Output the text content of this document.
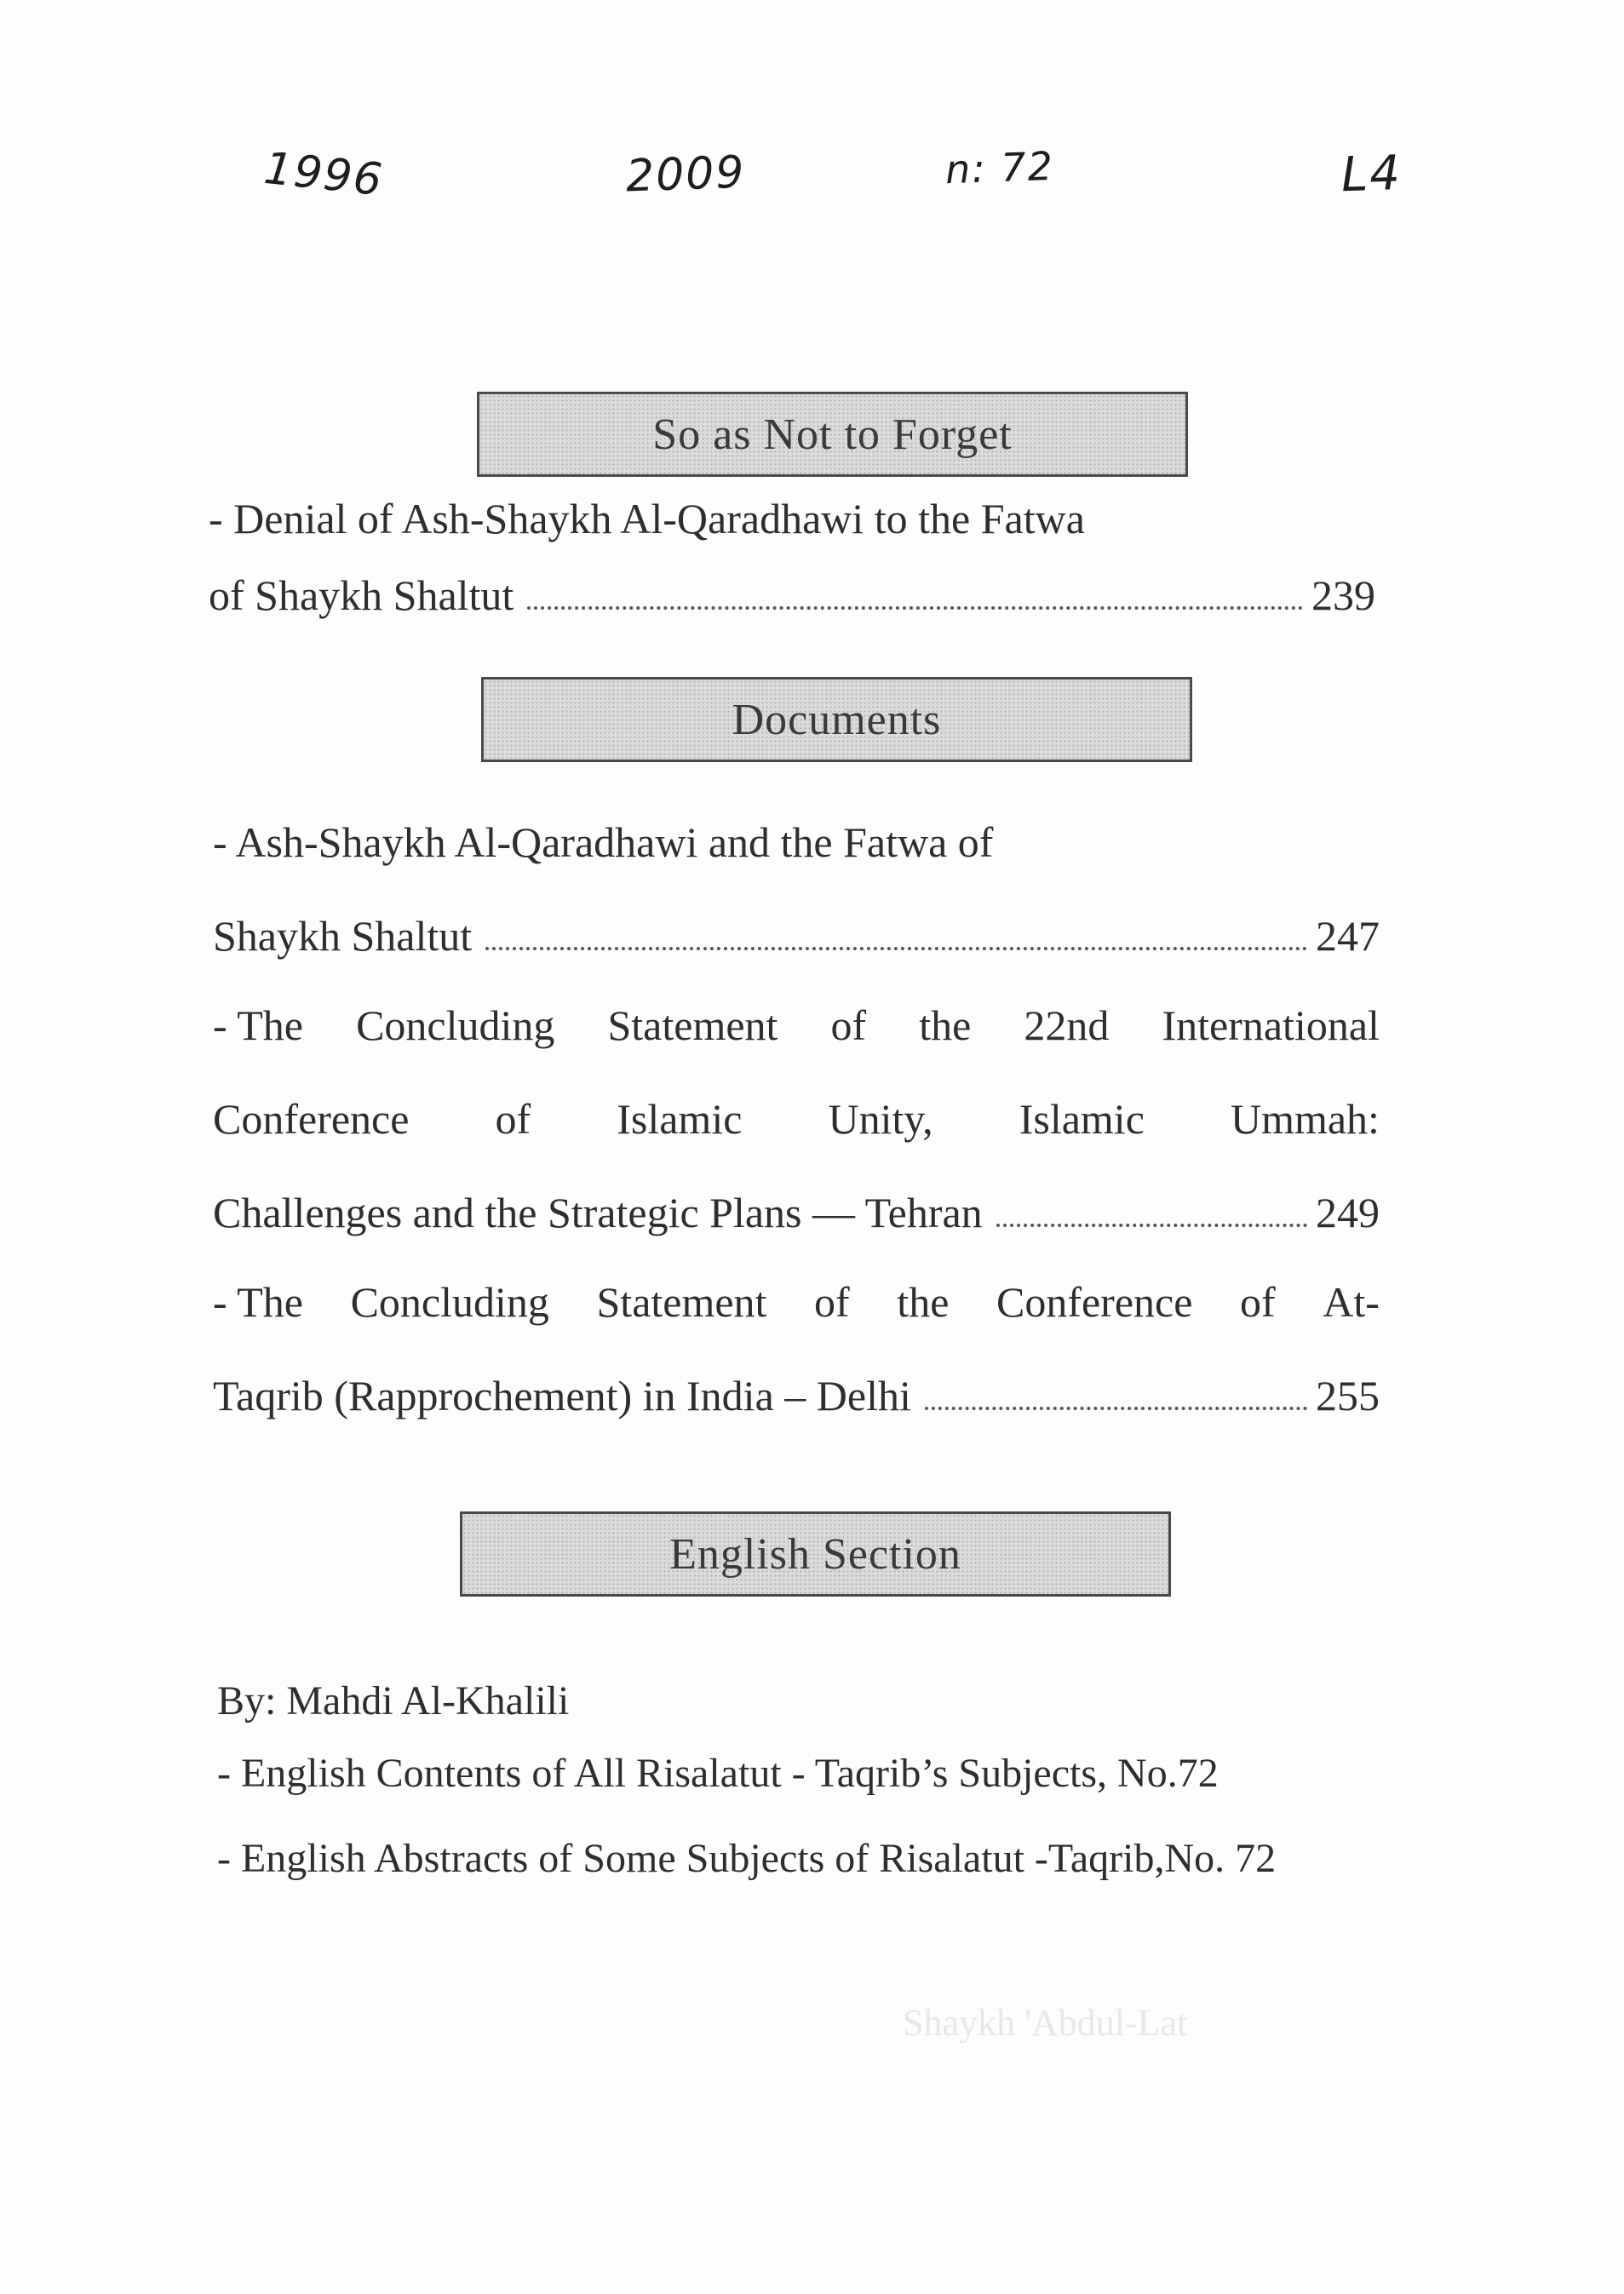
Shaykh 'Abdul-Lat
1996	2009	n: 72	L4
So as Not to Forget
- Denial of Ash-Shaykh Al-Qaradhawi to the Fatwa
of Shaykh Shaltut	239
Documents
- Ash-Shaykh Al-Qaradhawi and the Fatwa of
Shaykh Shaltut	247
- The Concluding Statement of the 22nd International
Conference of Islamic Unity, Islamic Ummah:
Challenges and the Strategic Plans — Tehran	249
- The Concluding Statement of the Conference of At-
Taqrib (Rapprochement) in India – Delhi	255
English Section
By: Mahdi Al-Khalili
- English Contents of All Risalatut - Taqrib’s Subjects, No.72
- English Abstracts of Some Subjects of Risalatut -Taqrib,No. 72
